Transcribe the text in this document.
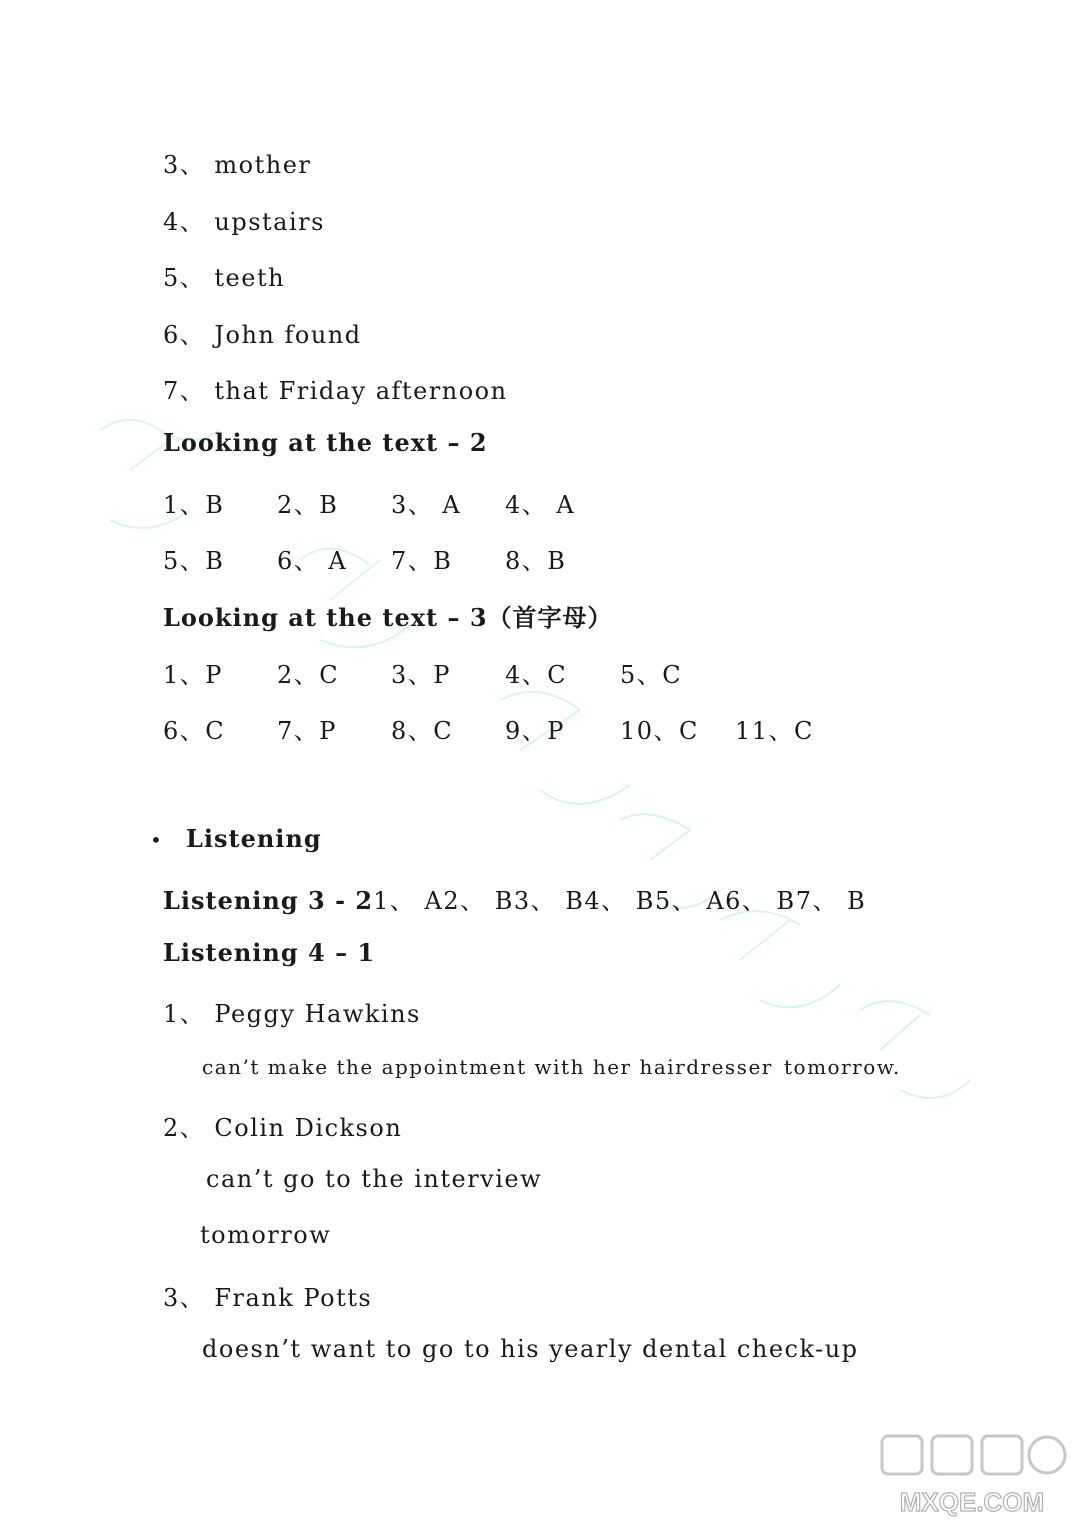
3、 mother
4、 upstairs
5、 teeth
6、 John found
7、 that Friday afternoon
Looking at the text – 2
1、B 2、B 3、 A 4、 A
5、B 6、 A 7、B 8、B
Looking at the text – 3（首字母）
1、P 2、C 3、P 4、C 5、C
6、C 7、P 8、C 9、P 10、C 11、C
• Listening
Listening 3 - 21、 A2、 B3、 B4、 B5、 A6、 B7、 B
Listening 4 – 1
1、 Peggy Hawkins
can’t make the appointment with her hairdresser tomorrow.
2、 Colin Dickson
can’t go to the interview
tomorrow
3、 Frank Potts
doesn’t want to go to his yearly dental check-up
MXQE.COM
